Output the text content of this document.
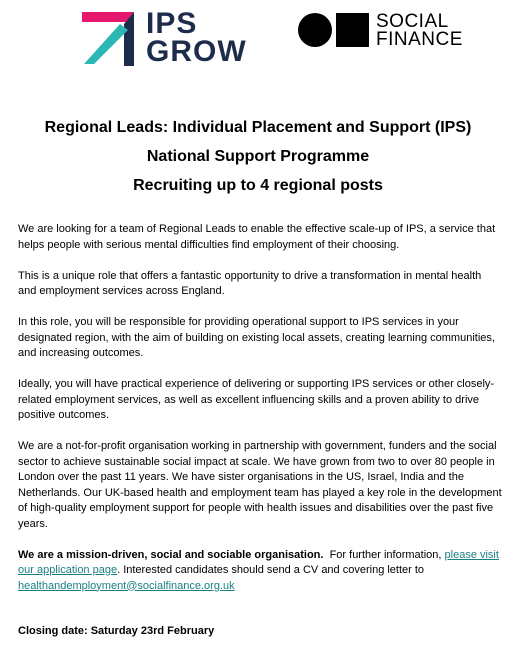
IPS
GROW
SOCIAL
FINANCE
Regional Leads: Individual Placement and Support (IPS)
National Support Programme
Recruiting up to 4 regional posts

We are looking for a team of Regional Leads to enable the effective scale-up of IPS, a service that helps people with serious mental difficulties find employment of their choosing.

This is a unique role that offers a fantastic opportunity to drive a transformation in mental health and employment services across England.

In this role, you will be responsible for providing operational support to IPS services in your designated region, with the aim of building on existing local assets, creating learning communities, and increasing outcomes.

Ideally, you will have practical experience of delivering or supporting IPS services or other closely-related employment services, as well as excellent influencing skills and a proven ability to drive positive outcomes.

We are a not-for-profit organisation working in partnership with government, funders and the social sector to achieve sustainable social impact at scale. We have grown from two to over 80 people in London over the past 11 years. We have sister organisations in the US, Israel, India and the Netherlands. Our UK-based health and employment team has played a key role in the development of high-quality employment support for people with health issues and disabilities over the past five years.

We are a mission-driven, social and sociable organisation. For further information, please visit our application page. Interested candidates should send a CV and covering letter to healthandemployment@socialfinance.org.uk

Closing date: Saturday 23rd February
